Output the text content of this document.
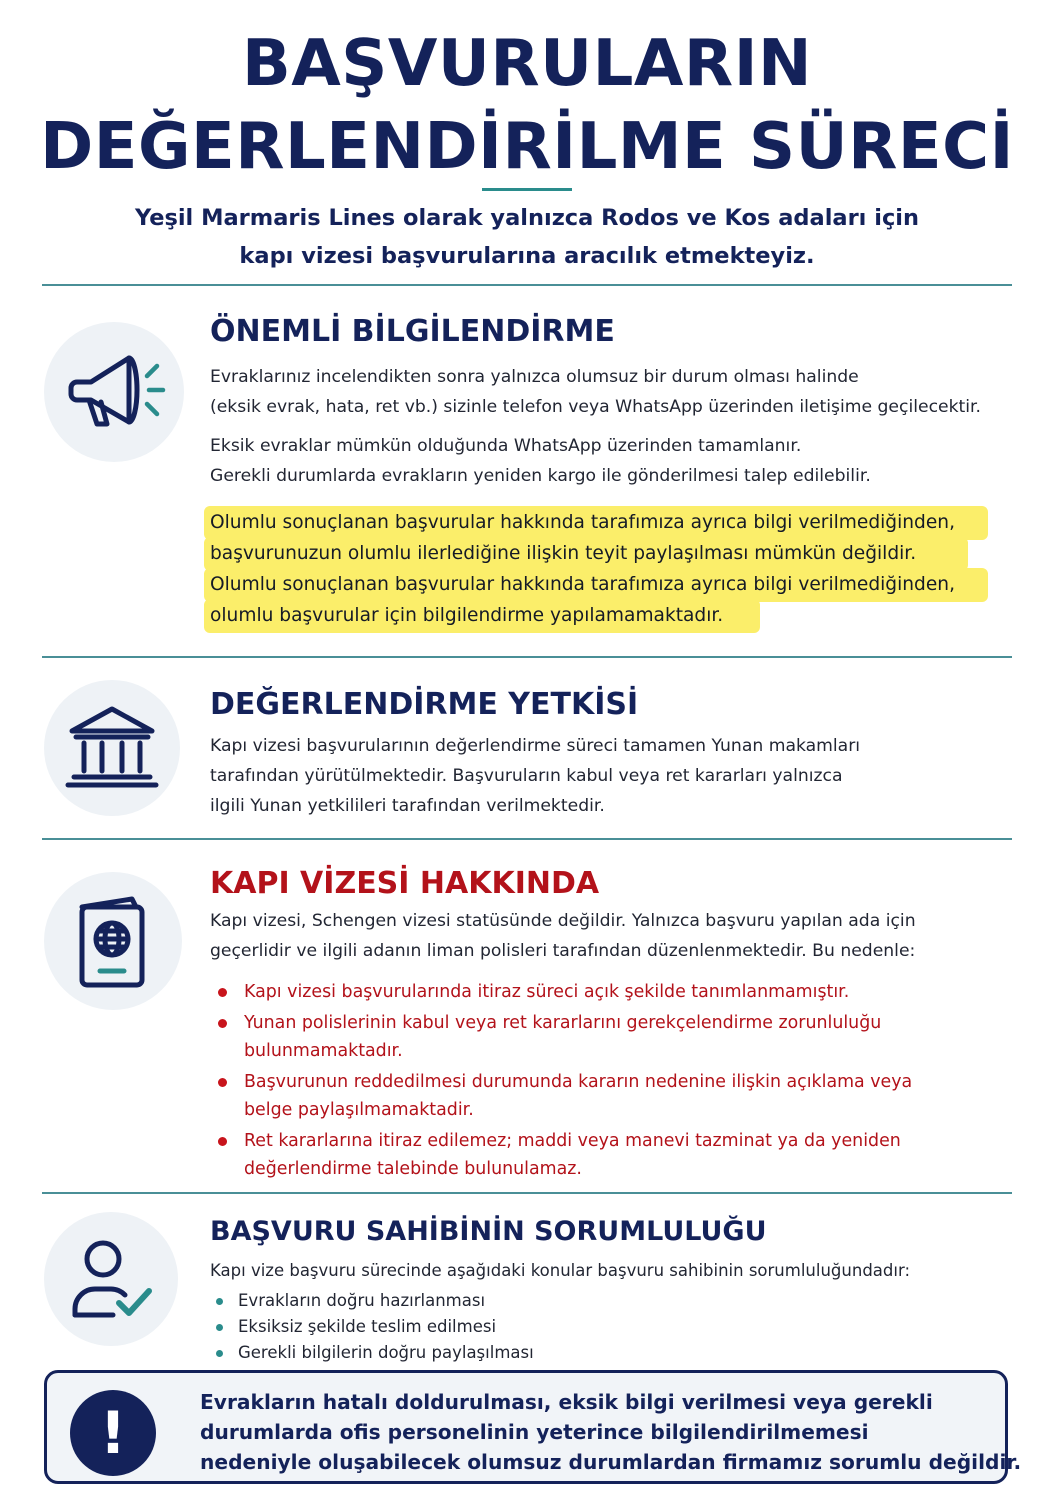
BAŞVURULARIN
DEĞERLENDİRİLME SÜRECİ
Yeşil Marmaris Lines olarak yalnızca Rodos ve Kos adaları için
kapı vizesi başvurularına aracılık etmekteyiz.
ÖNEMLİ BİLGİLENDİRME
Evraklarınız incelendikten sonra yalnızca olumsuz bir durum olması halinde
(eksik evrak, hata, ret vb.) sizinle telefon veya WhatsApp üzerinden iletişime geçilecektir.
Eksik evraklar mümkün olduğunda WhatsApp üzerinden tamamlanır.
Gerekli durumlarda evrakların yeniden kargo ile gönderilmesi talep edilebilir.
Olumlu sonuçlanan başvurular hakkında tarafımıza ayrıca bilgi verilmediğinden,
başvurunuzun olumlu ilerlediğine ilişkin teyit paylaşılması mümkün değildir.
Olumlu sonuçlanan başvurular hakkında tarafımıza ayrıca bilgi verilmediğinden,
olumlu başvurular için bilgilendirme yapılamamaktadır.
DEĞERLENDİRME YETKİSİ
Kapı vizesi başvurularının değerlendirme süreci tamamen Yunan makamları
tarafından yürütülmektedir. Başvuruların kabul veya ret kararları yalnızca
ilgili Yunan yetkilileri tarafından verilmektedir.
KAPI VİZESİ HAKKINDA
Kapı vizesi, Schengen vizesi statüsünde değildir. Yalnızca başvuru yapılan ada için
geçerlidir ve ilgili adanın liman polisleri tarafından düzenlenmektedir. Bu nedenle:
Kapı vizesi başvurularında itiraz süreci açık şekilde tanımlanmamıştır.
Yunan polislerinin kabul veya ret kararlarını gerekçelendirme zorunluluğu
bulunmamaktadır.
Başvurunun reddedilmesi durumunda kararın nedenine ilişkin açıklama veya
belge paylaşılmamaktadir.
Ret kararlarına itiraz edilemez; maddi veya manevi tazminat ya da yeniden
değerlendirme talebinde bulunulamaz.
BAŞVURU SAHİBİNİN SORUMLULUĞU
Kapı vize başvuru sürecinde aşağıdaki konular başvuru sahibinin sorumluluğundadır:
Evrakların doğru hazırlanması
Eksiksiz şekilde teslim edilmesi
Gerekli bilgilerin doğru paylaşılması
!	Evrakların hatalı doldurulması, eksik bilgi verilmesi veya gerekli
durumlarda ofis personelinin yeterince bilgilendirilmemesi
nedeniyle oluşabilecek olumsuz durumlardan firmamız sorumlu değildir.
